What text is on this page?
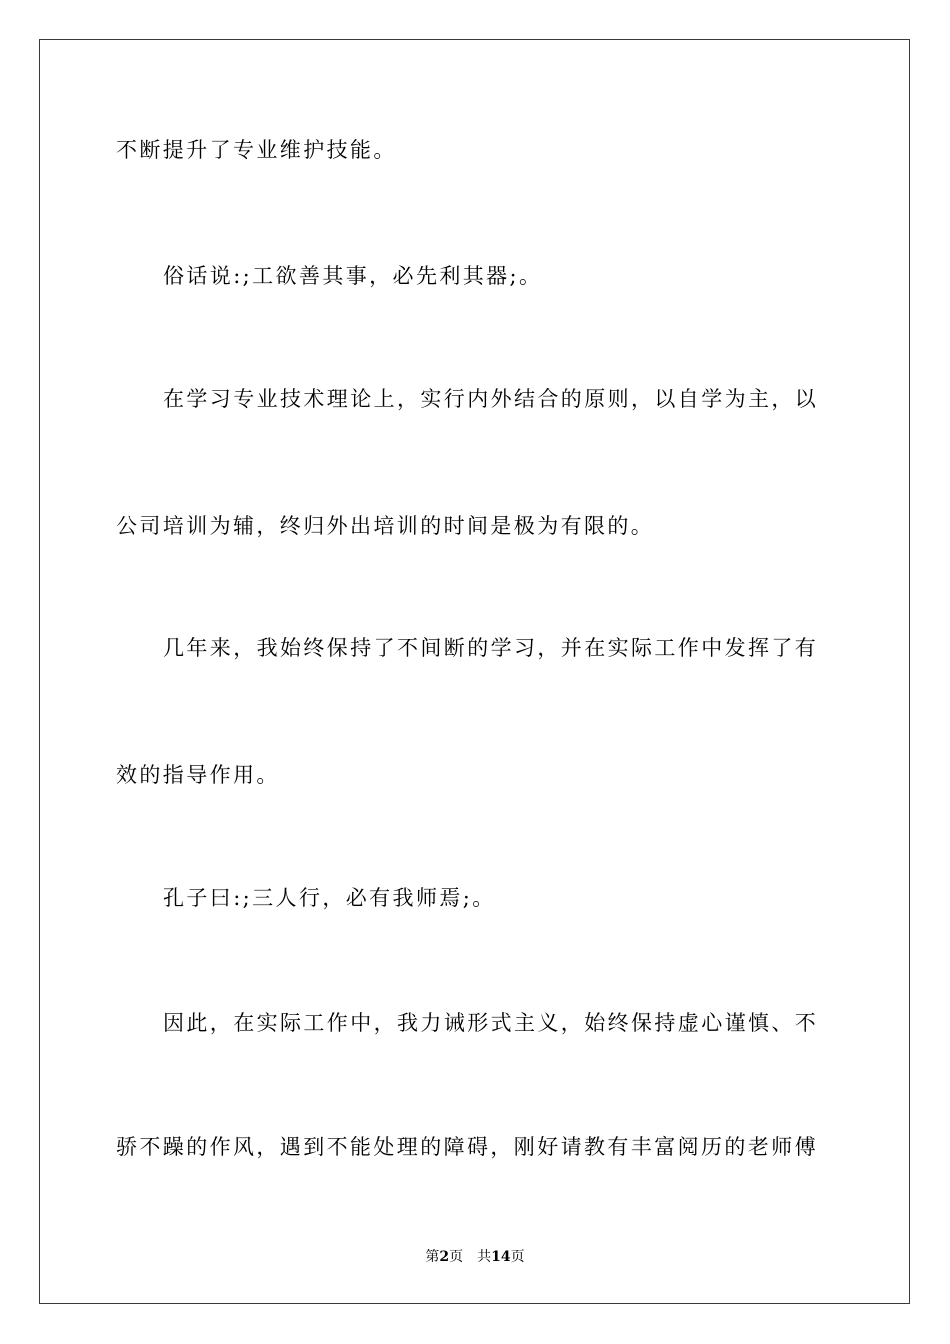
不断提升了专业维护技能。
俗话说:;工欲善其事，必先利其器;。
在学习专业技术理论上，实行内外结合的原则，以自学为主，以
公司培训为辅，终归外出培训的时间是极为有限的。
几年来，我始终保持了不间断的学习，并在实际工作中发挥了有
效的指导作用。
孔子曰:;三人行，必有我师焉;。
因此，在实际工作中，我力诫形式主义，始终保持虚心谨慎、不
骄不躁的作风，遇到不能处理的障碍，刚好请教有丰富阅历的老师傅
第2页 共14页
